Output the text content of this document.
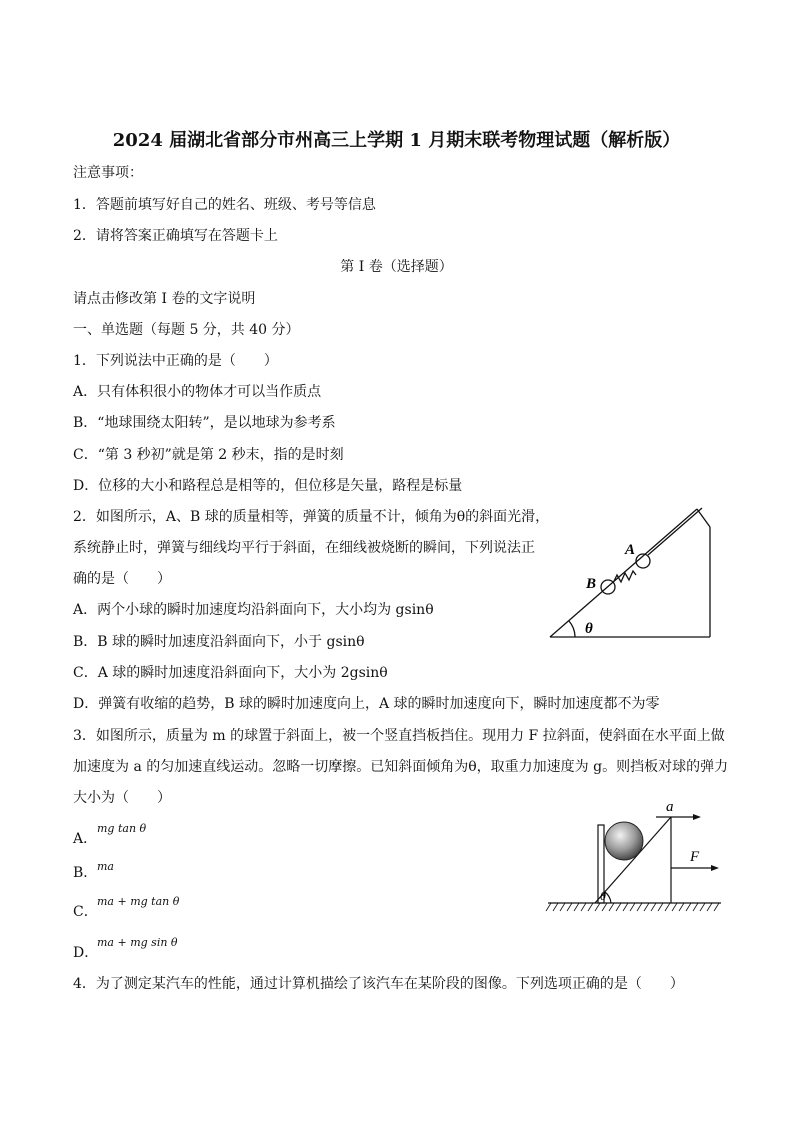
2024 届湖北省部分市州高三上学期 1 月期末联考物理试题（解析版）
注意事项：
1．答题前填写好自己的姓名、班级、考号等信息
2．请将答案正确填写在答题卡上
第 I 卷（选择题）
请点击修改第 I 卷的文字说明
一、单选题（每题 5 分，共 40 分）
1．下列说法中正确的是（　　）
A．只有体积很小的物体才可以当作质点
B．“地球围绕太阳转”，是以地球为参考系
C．“第 3 秒初”就是第 2 秒末，指的是时刻
D．位移的大小和路程总是相等的，但位移是矢量，路程是标量
2．如图所示，A、B 球的质量相等，弹簧的质量不计，倾角为θ的斜面光滑，
系统静止时，弹簧与细线均平行于斜面，在细线被烧断的瞬间，下列说法正
确的是（　　）
A．两个小球的瞬时加速度均沿斜面向下，大小均为 gsinθ
B．B 球的瞬时加速度沿斜面向下，小于 gsinθ
C．A 球的瞬时加速度沿斜面向下，大小为 2gsinθ
D．弹簧有收缩的趋势，B 球的瞬时加速度向上，A 球的瞬时加速度向下，瞬时加速度都不为零
A
B
θ
3．如图所示，质量为 m 的球置于斜面上，被一个竖直挡板挡住。现用力 F 拉斜面，使斜面在水平面上做
加速度为 a 的匀加速直线运动。忽略一切摩擦。已知斜面倾角为θ，取重力加速度为 g。则挡板对球的弹力
大小为（　　）
A．
mg tan θ
B． ma
C．
ma + mg tan θ
D．
ma + mg sin θ
a
F
θ
4．为了测定某汽车的性能，通过计算机描绘了该汽车在某阶段的图像。下列选项正确的是（　　）
